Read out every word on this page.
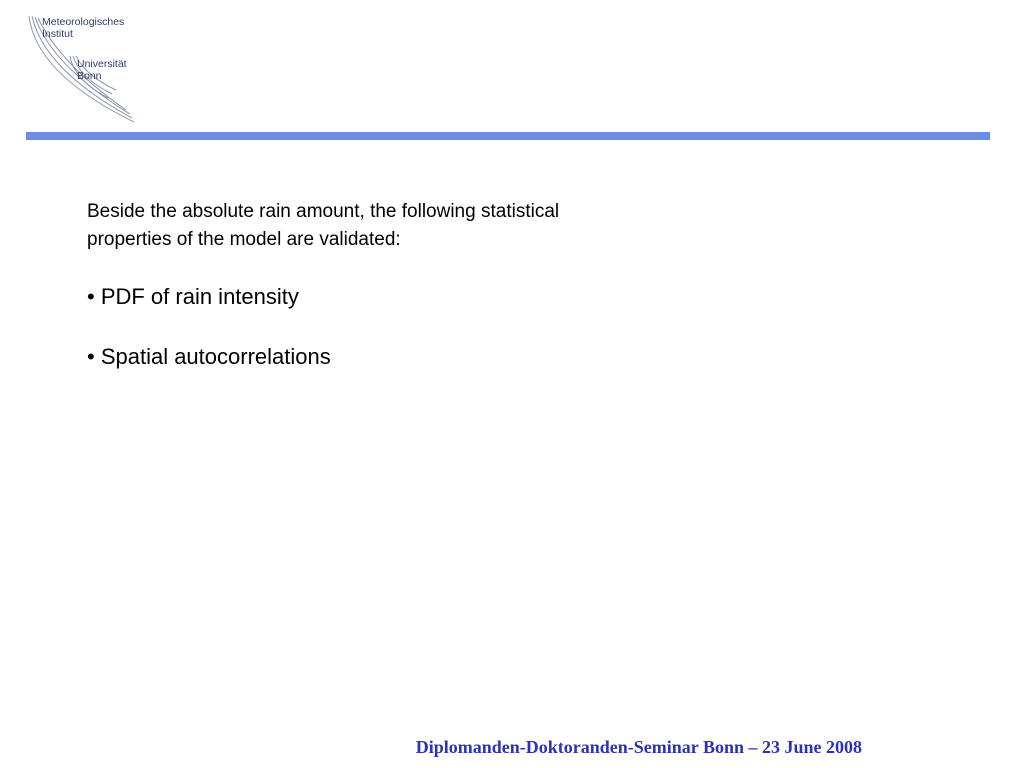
Meteorologisches
Institut
Universität
Bonn

Beside the absolute rain amount, the following statistical properties of the model are validated:

• PDF of rain intensity

• Spatial autocorrelations

Diplomanden-Doktoranden-Seminar Bonn – 23 June 2008
